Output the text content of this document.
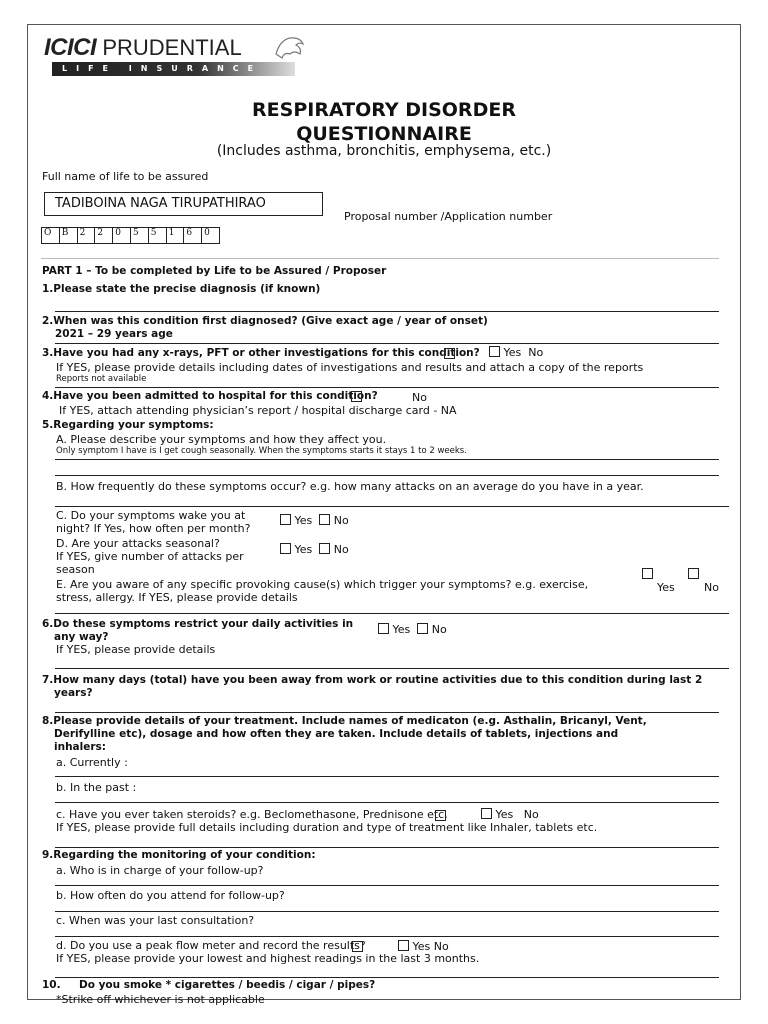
ICICI PRUDENTIAL
LIFE INSURANCE
RESPIRATORY DISORDER
QUESTIONNAIRE
(Includes asthma, bronchitis, emphysema, etc.)
Full name of life to be assured
TADIBOINA NAGA TIRUPATHIRAO
Proposal number /Application number
O	B	2	2	0	5	5	1	6	0
PART 1 – To be completed by Life to be Assured / Proposer
1.Please state the precise diagnosis (if known)
2.When was this condition first diagnosed? (Give exact age / year of onset)
2021 – 29 years age
3.Have you had any x-rays, PFT or other investigations for this condition?	Yes No
If YES, please provide details including dates of investigations and results and attach a copy of the reports
Reports not available
4.Have you been admitted to hospital for this condition?	No
If YES, attach attending physician’s report / hospital discharge card - NA
5.Regarding your symptoms:
A. Please describe your symptoms and how they affect you.
Only symptom I have is I get cough seasonally. When the symptoms starts it stays 1 to 2 weeks.
B. How frequently do these symptoms occur? e.g. how many attacks on an average do you have in a year.
C. Do your symptoms wake you at
night? If Yes, how often per month?
Yes No
D. Are your attacks seasonal?
If YES, give number of attacks per
season
Yes No
E. Are you aware of any specific provoking cause(s) which trigger your symptoms? e.g. exercise,
stress, allergy. If YES, please provide details
Yes	No
6.Do these symptoms restrict your daily activities in
any way?
Yes No
If YES, please provide details
7.How many days (total) have you been away from work or routine activities due to this condition during last 2
years?
8.Please provide details of your treatment. Include names of medicaton (e.g. Asthalin, Bricanyl, Vent,
Derifylline etc), dosage and how often they are taken. Include details of tablets, injections and
inhalers:
a. Currently :
b. In the past :
c. Have you ever taken steroids? e.g. Beclomethasone, Prednisone etc.	Yes No
If YES, please provide full details including duration and type of treatment like Inhaler, tablets etc.
9.Regarding the monitoring of your condition:
a. Who is in charge of your follow-up?
b. How often do you attend for follow-up?
c. When was your last consultation?
d. Do you use a peak flow meter and record the results?	Yes No
If YES, please provide your lowest and highest readings in the last 3 months.
10. Do you smoke * cigarettes / beedis / cigar / pipes?
*Strike off whichever is not applicable
